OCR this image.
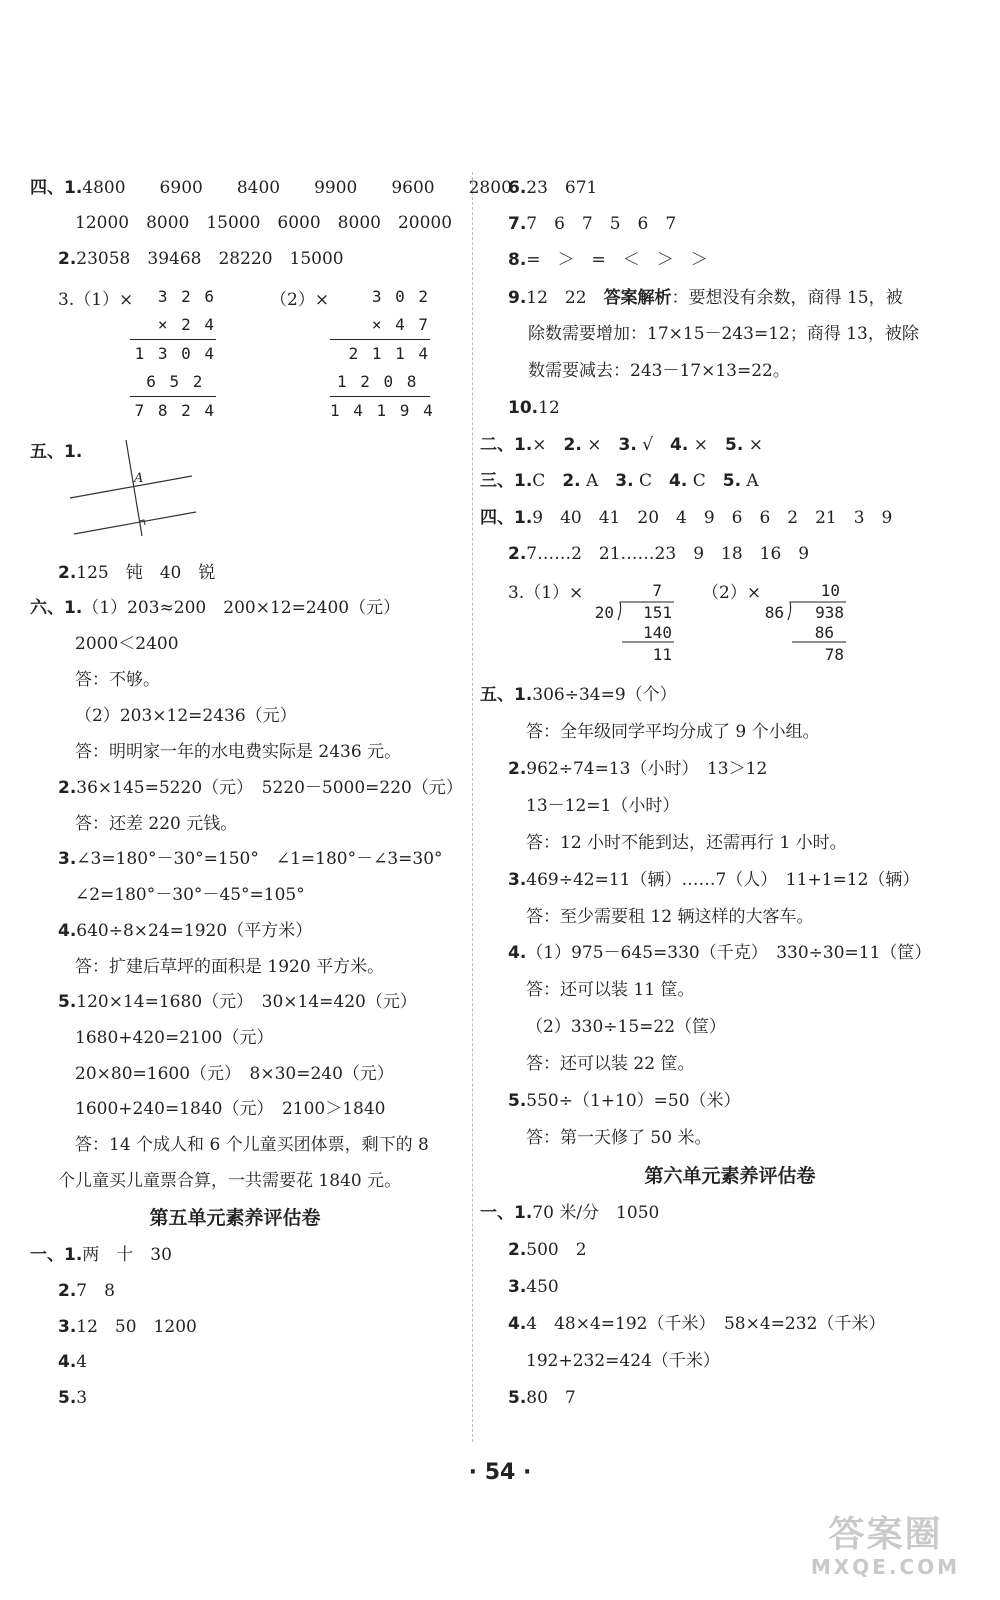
四、1.4800　　6900　　8400　　9900　　9600　　2800
12000　8000　15000　6000　8000　20000
2.23058　39468　28220　15000
3.（1）×	3 2 6
× 2 4
1 3 0 4
6 5 2
7 8 2 4
（2）×	3 0 2
× 4 7
2 1 1 4
1 2 0 8
1 4 1 9 4
五、1.
A
2.125　钝　40　锐
六、1.（1）203≈200　200×12=2400（元）
2000＜2400
答：不够。
（2）203×12=2436（元）
答：明明家一年的水电费实际是 2436 元。
2.36×145=5220（元）　5220－5000=220（元）
答：还差 220 元钱。
3.∠3=180°－30°=150°　∠1=180°－∠3=30°
∠2=180°－30°－45°=105°
4.640÷8×24=1920（平方米）
答：扩建后草坪的面积是 1920 平方米。
5.120×14=1680（元）　30×14=420（元）
1680+420=2100（元）
20×80=1600（元）　8×30=240（元）
1600+240=1840（元）　2100＞1840
答：14 个成人和 6 个儿童买团体票，剩下的 8
个儿童买儿童票合算，一共需要花 1840 元。
第五单元素养评估卷
一、1.两　十　30
2.7　8
3.12　50　1200
4.4
5.3
6.23　671
7.7　6　7　5　6　7
8.=　＞　=　＜　＞　＞
9.12　22　答案解析：要想没有余数，商得 15，被
除数需要增加：17×15－243=12；商得 13，被除
数需要减去：243－17×13=22。
10.12
二、1.×　2. ×　3. √　4. ×　5. ×
三、1.C　2. A　3. C　4. C　5. A
四、1.9　40　41　20　4　9　6　6　2　21　3　9
2.7……2　21……23　9　18　16　9
3.（1）×	7
20 151
140
11
（2）×	10
86 938
86
78
五、1.306÷34=9（个）
答：全年级同学平均分成了 9 个小组。
2.962÷74=13（小时）　13＞12
13－12=1（小时）
答：12 小时不能到达，还需再行 1 小时。
3.469÷42=11（辆）……7（人）　11+1=12（辆）
答：至少需要租 12 辆这样的大客车。
4.（1）975－645=330（千克）　330÷30=11（筐）
答：还可以装 11 筐。
（2）330÷15=22（筐）
答：还可以装 22 筐。
5.550÷（1+10）=50（米）
答：第一天修了 50 米。
第六单元素养评估卷
一、1.70 米/分　1050
2.500　2
3.450
4.4　48×4=192（千米）　58×4=232（千米）
192+232=424（千米）
5.80　7
· 54 ·
答案圈
MXQE.COM
